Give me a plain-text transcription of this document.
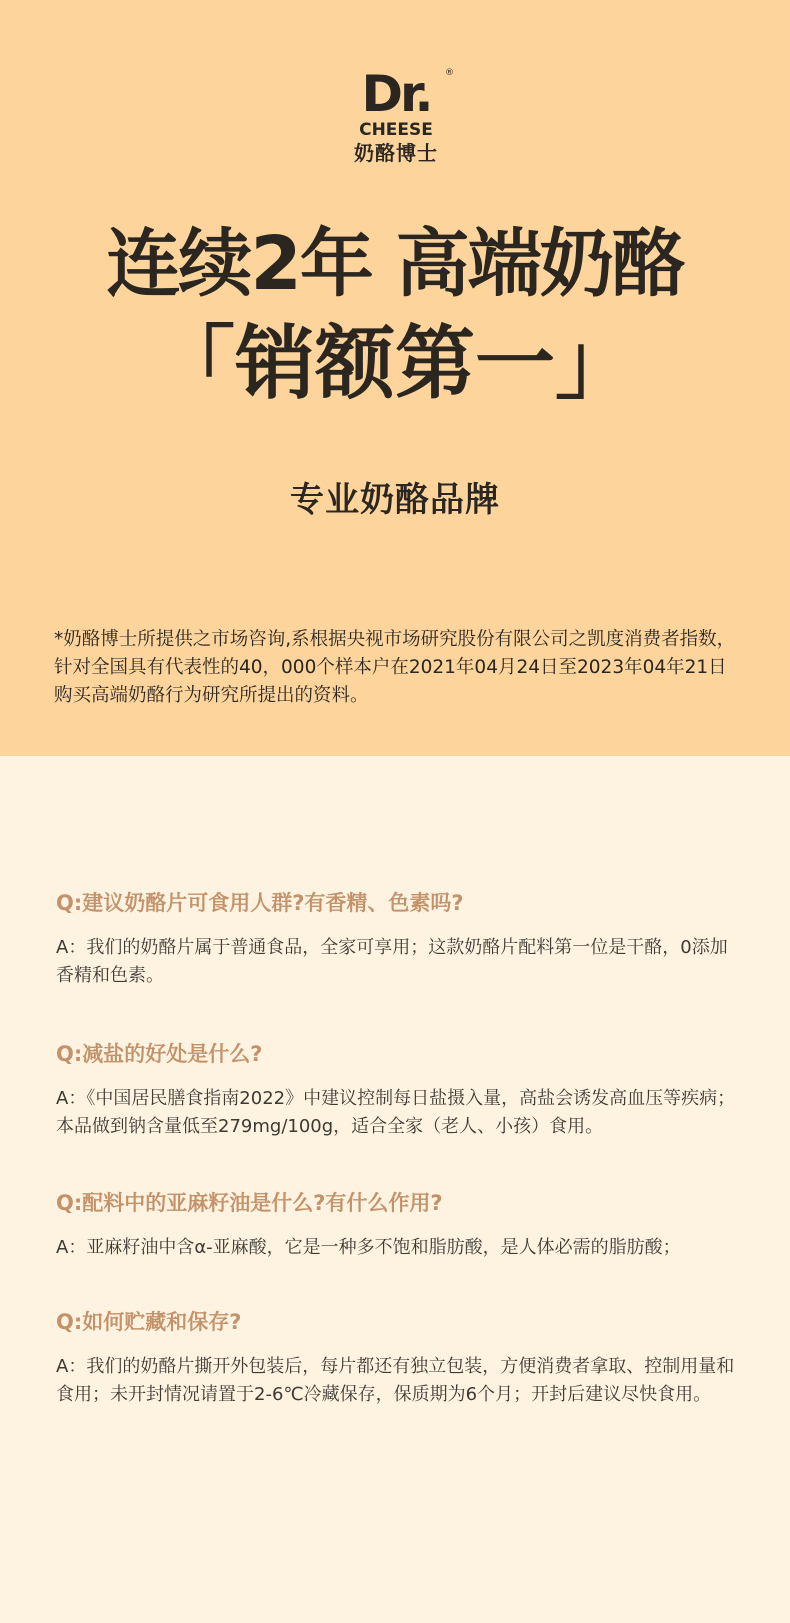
Dr.	®
CHEESE
奶酪博士
连续2年 高端奶酪
「销额第一」
专业奶酪品牌
*奶酪博士所提供之市场咨询,系根据央视市场研究股份有限公司之凯度消费者指数，针对全国具有代表性的40，000个样本户在2021年04月24日至2023年04年21日购买高端奶酪行为研究所提出的资料。

Q:建议奶酪片可食用人群?有香精、色素吗?

A：我们的奶酪片属于普通食品，全家可享用；这款奶酪片配料第一位是干酪，0添加香精和色素。

Q:减盐的好处是什么?

A：《中国居民膳食指南2022》中建议控制每日盐摄入量，高盐会诱发高血压等疾病；本品做到钠含量低至279mg/100g，适合全家（老人、小孩）食用。

Q:配料中的亚麻籽油是什么?有什么作用?

A：亚麻籽油中含α-亚麻酸，它是一种多不饱和脂肪酸，是人体必需的脂肪酸；

Q:如何贮藏和保存?

A：我们的奶酪片撕开外包装后，每片都还有独立包装，方便消费者拿取、控制用量和食用；未开封情况请置于2-6℃冷藏保存，保质期为6个月；开封后建议尽快食用。
